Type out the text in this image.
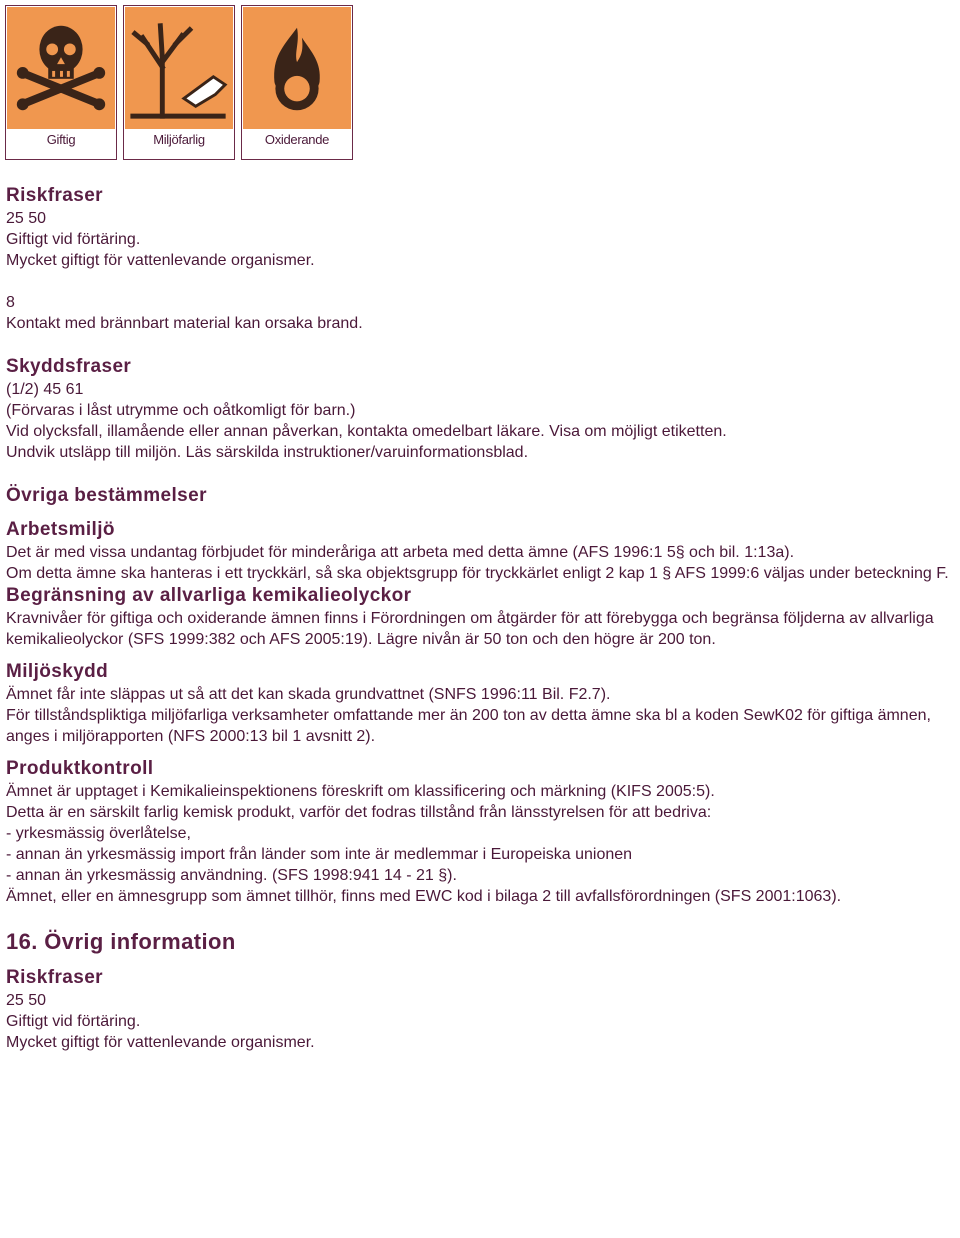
Giftig	Miljöfarlig	Oxiderande
Riskfraser
25 50
Giftigt vid förtäring.
Mycket giftigt för vattenlevande organismer.
8
Kontakt med brännbart material kan orsaka brand.
Skyddsfraser
(1/2) 45 61
(Förvaras i låst utrymme och oåtkomligt för barn.)
Vid olycksfall, illamående eller annan påverkan, kontakta omedelbart läkare. Visa om möjligt etiketten.
Undvik utsläpp till miljön. Läs särskilda instruktioner/varuinformationsblad.
Övriga bestämmelser
Arbetsmiljö
Det är med vissa undantag förbjudet för minderåriga att arbeta med detta ämne (AFS 1996:1 5§ och bil. 1:13a).
Om detta ämne ska hanteras i ett tryckkärl, så ska objektsgrupp för tryckkärlet enligt 2 kap 1 § AFS 1999:6 väljas under beteckning F.
Begränsning av allvarliga kemikalieolyckor
Kravnivåer för giftiga och oxiderande ämnen finns i Förordningen om åtgärder för att förebygga och begränsa följderna av allvarliga kemikalieolyckor (SFS 1999:382 och AFS 2005:19). Lägre nivån är 50 ton och den högre är 200 ton.
Miljöskydd
Ämnet får inte släppas ut så att det kan skada grundvattnet (SNFS 1996:11 Bil. F2.7).
För tillståndspliktiga miljöfarliga verksamheter omfattande mer än 200 ton av detta ämne ska bl a koden SewK02 för giftiga ämnen, anges i miljörapporten (NFS 2000:13 bil 1 avsnitt 2).
Produktkontroll
Ämnet är upptaget i Kemikalieinspektionens föreskrift om klassificering och märkning (KIFS 2005:5).
Detta är en särskilt farlig kemisk produkt, varför det fodras tillstånd från länsstyrelsen för att bedriva:
- yrkesmässig överlåtelse,
- annan än yrkesmässig import från länder som inte är medlemmar i Europeiska unionen
- annan än yrkesmässig användning. (SFS 1998:941 14 - 21 §).
Ämnet, eller en ämnesgrupp som ämnet tillhör, finns med EWC kod i bilaga 2 till avfallsförordningen (SFS 2001:1063).
16. Övrig information
Riskfraser
25 50
Giftigt vid förtäring.
Mycket giftigt för vattenlevande organismer.
